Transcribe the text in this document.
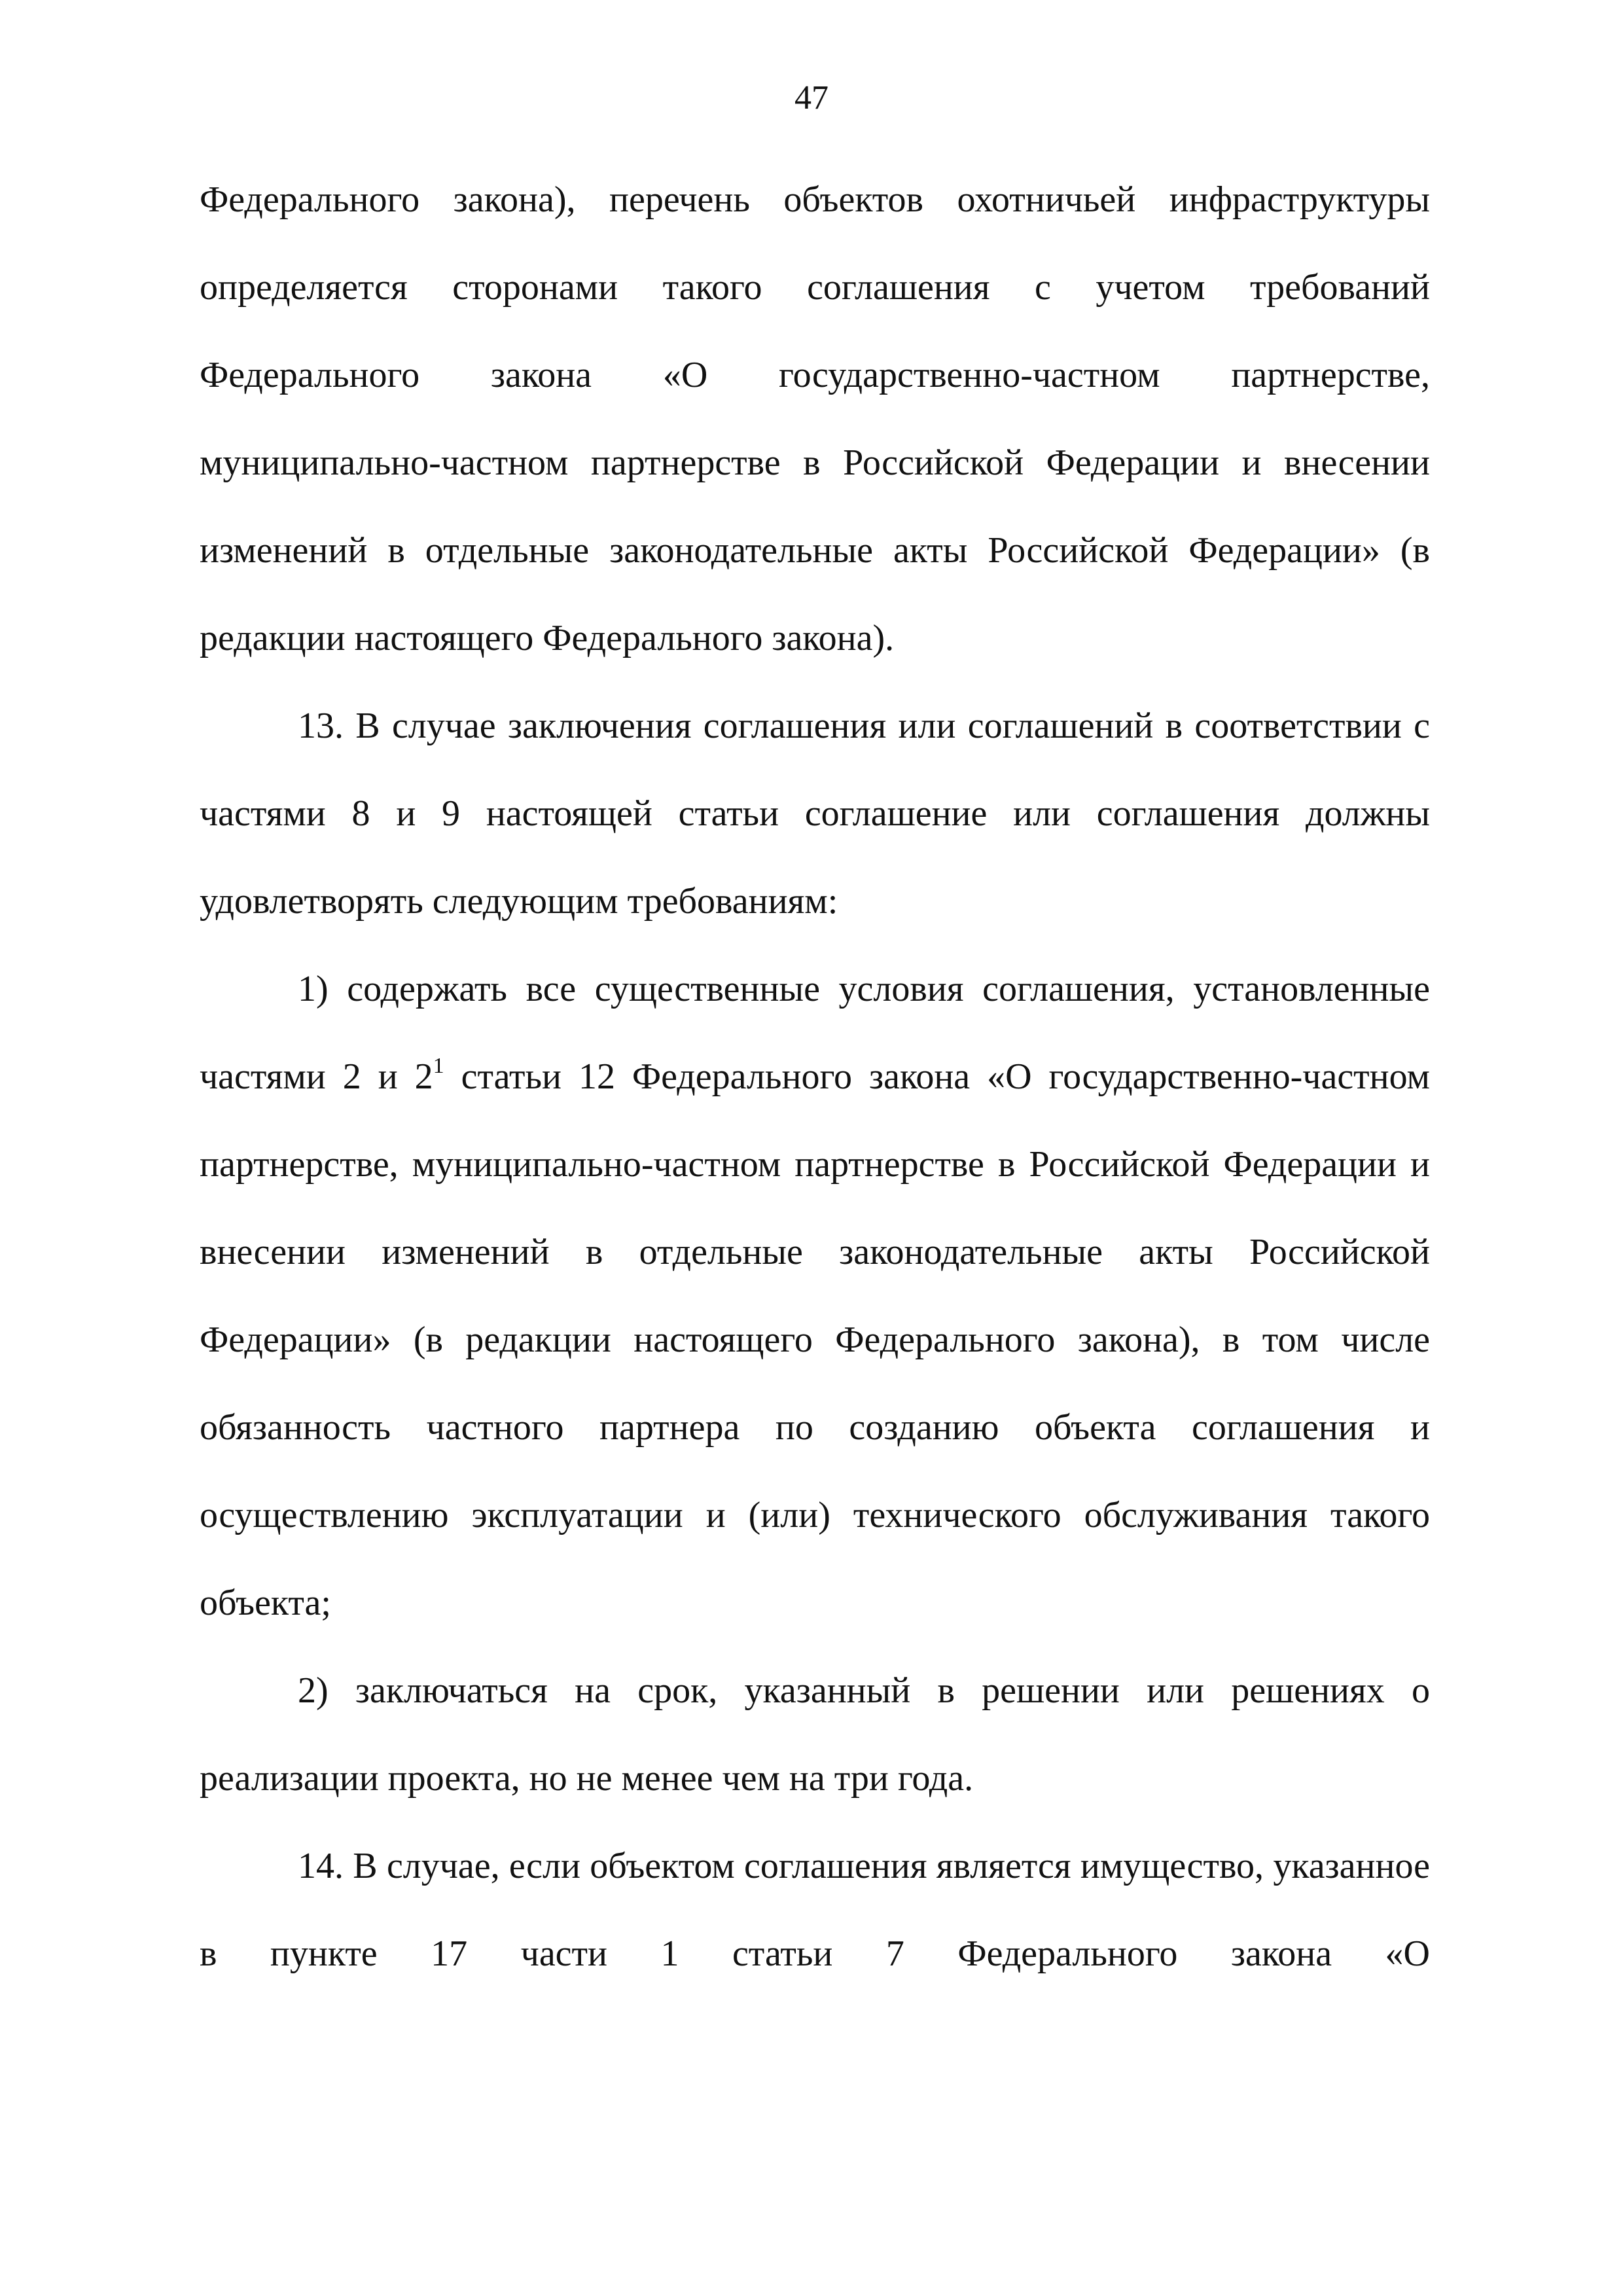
47

Федерального закона), перечень объектов охотничьей инфраструктуры определяется сторонами такого соглашения с учетом требований Федерального закона «О государственно-частном партнерстве, муниципально-частном партнерстве в Российской Федерации и внесении изменений в отдельные законодательные акты Российской Федерации» (в редакции настоящего Федерального закона).

13. В случае заключения соглашения или соглашений в соответствии с частями 8 и 9 настоящей статьи соглашение или соглашения должны удовлетворять следующим требованиям:

1) содержать все существенные условия соглашения, установленные частями 2 и $2^1$ статьи 12 Федерального закона «О государственно-частном партнерстве, муниципально-частном партнерстве в Российской Федерации и внесении изменений в отдельные законодательные акты Российской Федерации» (в редакции настоящего Федерального закона), в том числе обязанность частного партнера по созданию объекта соглашения и осуществлению эксплуатации и (или) технического обслуживания такого объекта;

2) заключаться на срок, указанный в решении или решениях о реализации проекта, но не менее чем на три года.

14. В случае, если объектом соглашения является имущество, указанное в пункте 17 части 1 статьи 7 Федерального закона «О
